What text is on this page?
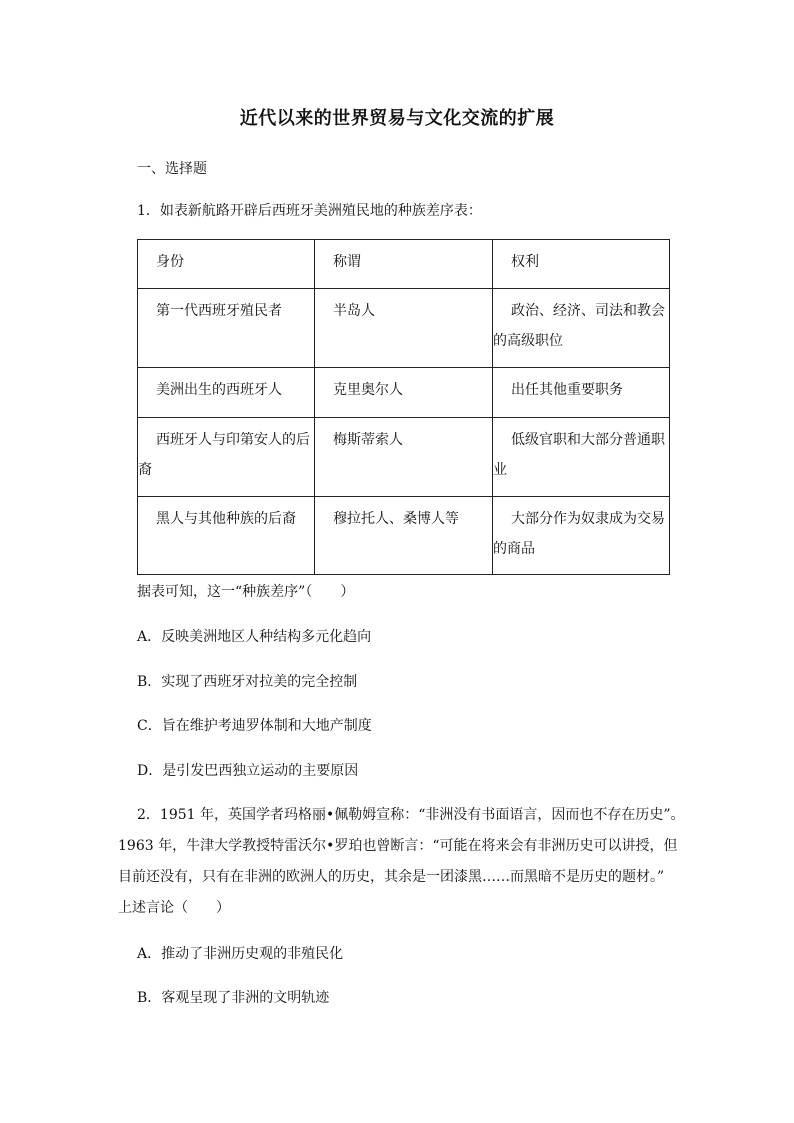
近代以来的世界贸易与文化交流的扩展
一、选择题
1．如表新航路开辟后西班牙美洲殖民地的种族差序表：
身份	称谓	权利
第一代西班牙殖民者	半岛人	政治、经济、司法和教会的高级职位
美洲出生的西班牙人	克里奥尔人	出任其他重要职务
西班牙人与印第安人的后裔	梅斯蒂索人	低级官职和大部分普通职业
黑人与其他种族的后裔	穆拉托人、桑博人等	大部分作为奴隶成为交易的商品
据表可知，这一“种族差序”（　　）
A．反映美洲地区人种结构多元化趋向
B．实现了西班牙对拉美的完全控制
C．旨在维护考迪罗体制和大地产制度
D．是引发巴西独立运动的主要原因
2．1951 年，英国学者玛格丽•佩勒姆宣称：“非洲没有书面语言，因而也不存在历史”。
1963 年，牛津大学教授特雷沃尔•罗珀也曾断言：“可能在将来会有非洲历史可以讲授，但
目前还没有，只有在非洲的欧洲人的历史，其余是一团漆黑……而黑暗不是历史的题材。”
上述言论（　　）
A．推动了非洲历史观的非殖民化
B．客观呈现了非洲的文明轨迹
